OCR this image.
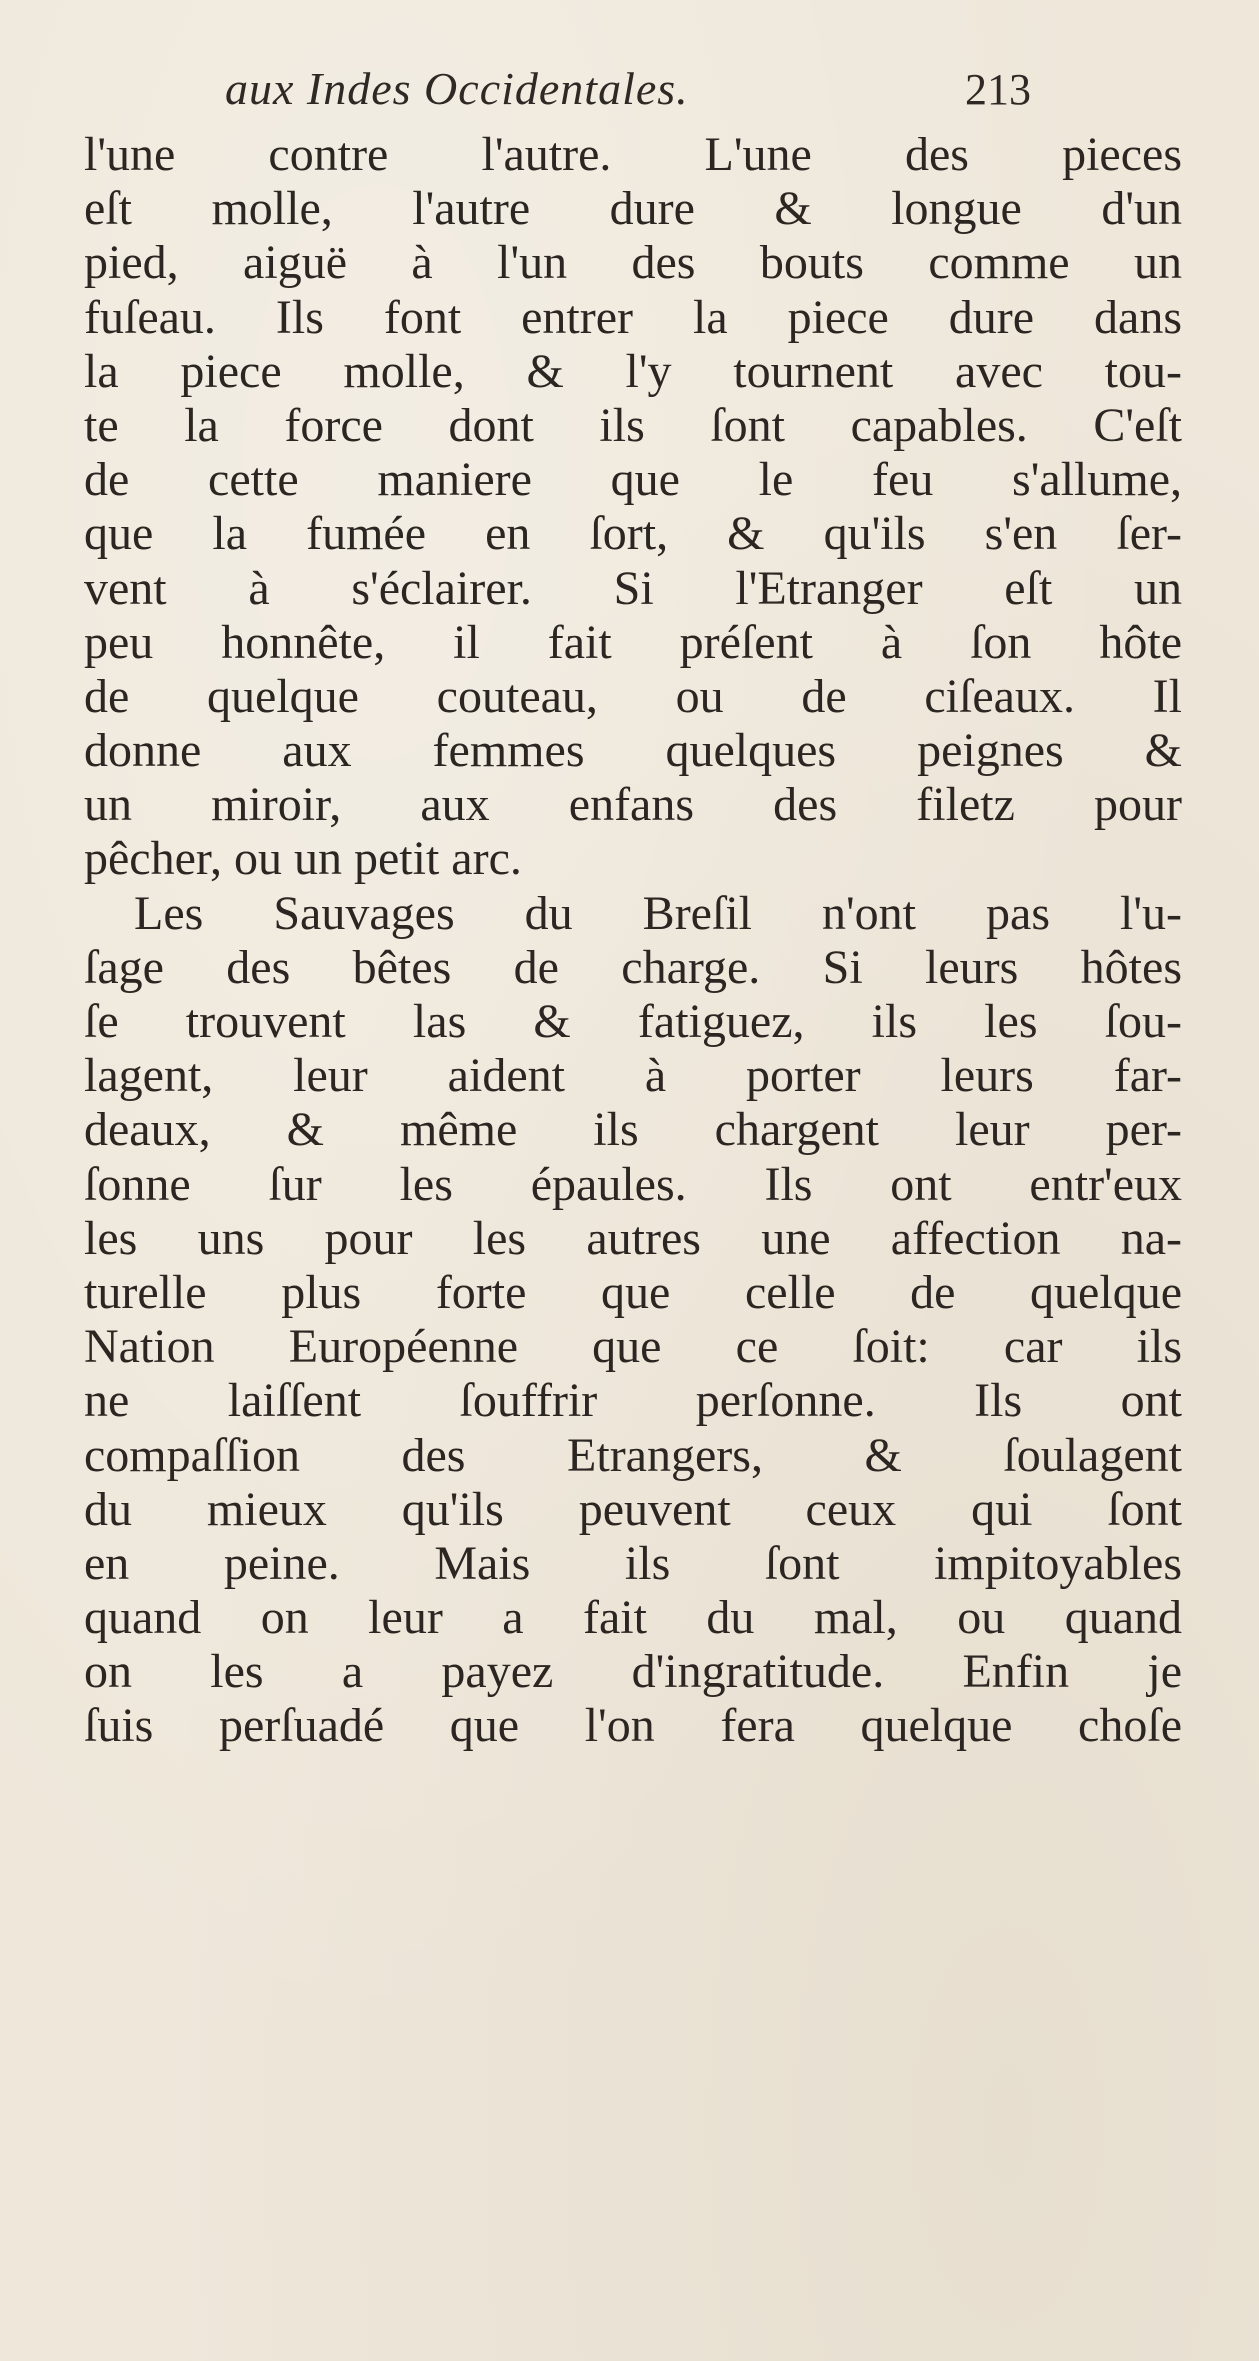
aux Indes Occidentales.	213
l'une contre l'autre. L'une des pieces
eſt molle, l'autre dure & longue d'un
pied, aiguë à l'un des bouts comme un
fuſeau. Ils font entrer la piece dure dans
la piece molle, & l'y tournent avec tou-
te la force dont ils ſont capables. C'eſt
de cette maniere que le feu s'allume,
que la fumée en ſort, & qu'ils s'en ſer-
vent à s'éclairer. Si l'Etranger eſt un
peu honnête, il fait préſent à ſon hôte
de quelque couteau, ou de ciſeaux. Il
donne aux femmes quelques peignes &
un miroir, aux enfans des filetz pour
pêcher, ou un petit arc.
Les Sauvages du Breſil n'ont pas l'u-
ſage des bêtes de charge. Si leurs hôtes
ſe trouvent las & fatiguez, ils les ſou-
lagent, leur aident à porter leurs far-
deaux, & même ils chargent leur per-
ſonne ſur les épaules. Ils ont entr'eux
les uns pour les autres une affection na-
turelle plus forte que celle de quelque
Nation Européenne que ce ſoit: car ils
ne laiſſent ſouffrir perſonne. Ils ont
compaſſion des Etrangers, & ſoulagent
du mieux qu'ils peuvent ceux qui ſont
en peine. Mais ils ſont impitoyables
quand on leur a fait du mal, ou quand
on les a payez d'ingratitude. Enfin je
ſuis perſuadé que l'on fera quelque choſe
